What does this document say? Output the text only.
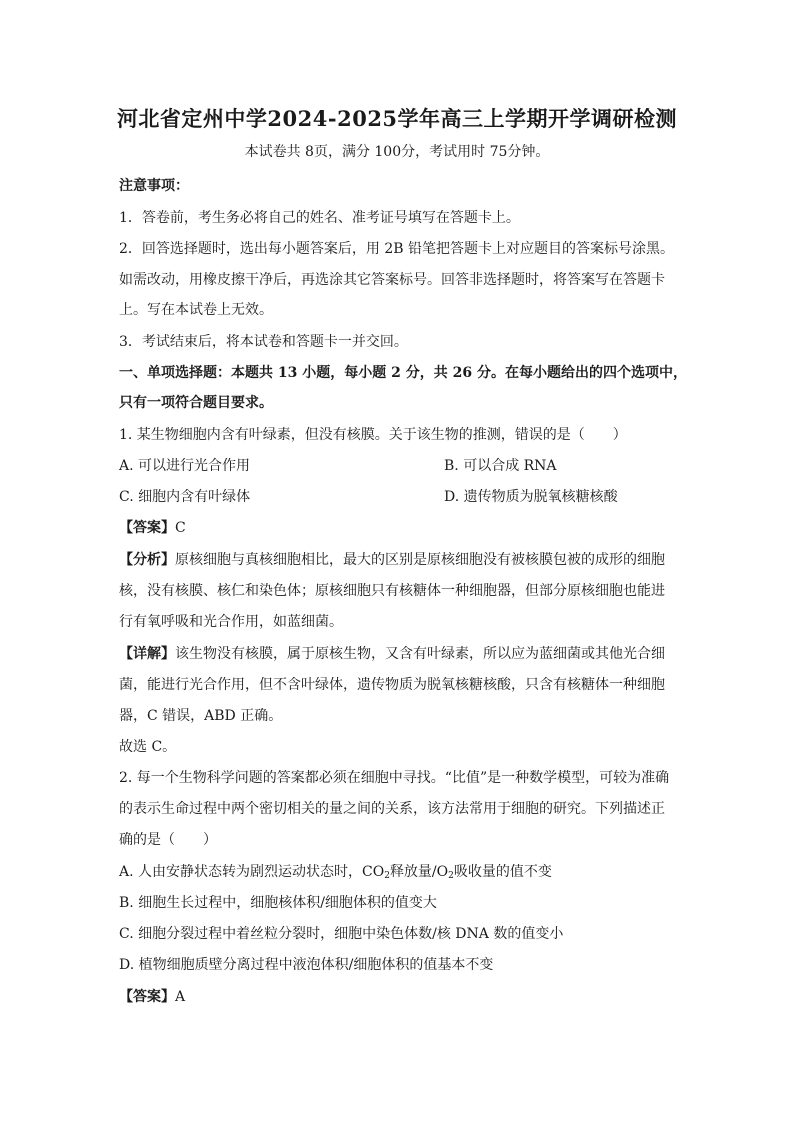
河北省定州中学2024-2025学年高三上学期开学调研检测
本试卷共 8页，满分 100分，考试用时 75分钟。
注意事项：
1．答卷前，考生务必将自己的姓名、准考证号填写在答题卡上。
2．回答选择题时，选出每小题答案后，用 2B 铅笔把答题卡上对应题目的答案标号涂黑。
如需改动，用橡皮擦干净后，再选涂其它答案标号。回答非选择题时，将答案写在答题卡
上。写在本试卷上无效。
3．考试结束后，将本试卷和答题卡一并交回。
一、单项选择题：本题共 13 小题，每小题 2 分，共 26 分。在每小题给出的四个选项中，
只有一项符合题目要求。
1. 某生物细胞内含有叶绿素，但没有核膜。关于该生物的推测，错误的是（　　）
A. 可以进行光合作用	B. 可以合成 RNA
C. 细胞内含有叶绿体	D. 遗传物质为脱氧核糖核酸
【答案】C
【分析】原核细胞与真核细胞相比，最大的区别是原核细胞没有被核膜包被的成形的细胞
核，没有核膜、核仁和染色体；原核细胞只有核糖体一种细胞器，但部分原核细胞也能进
行有氧呼吸和光合作用，如蓝细菌。
【详解】该生物没有核膜，属于原核生物，又含有叶绿素，所以应为蓝细菌或其他光合细
菌，能进行光合作用，但不含叶绿体，遗传物质为脱氧核糖核酸，只含有核糖体一种细胞
器，C 错误，ABD 正确。
故选 C。
2. 每一个生物科学问题的答案都必须在细胞中寻找。“比值”是一种数学模型，可较为准确
的表示生命过程中两个密切相关的量之间的关系，该方法常用于细胞的研究。下列描述正
确的是（　　）
A. 人由安静状态转为剧烈运动状态时，$CO_2$释放量$/O_2$吸收量的值不变
B. 细胞生长过程中，细胞核体积/细胞体积的值变大
C. 细胞分裂过程中着丝粒分裂时，细胞中染色体数/核 DNA 数的值变小
D. 植物细胞质壁分离过程中液泡体积/细胞体积的值基本不变
【答案】A
